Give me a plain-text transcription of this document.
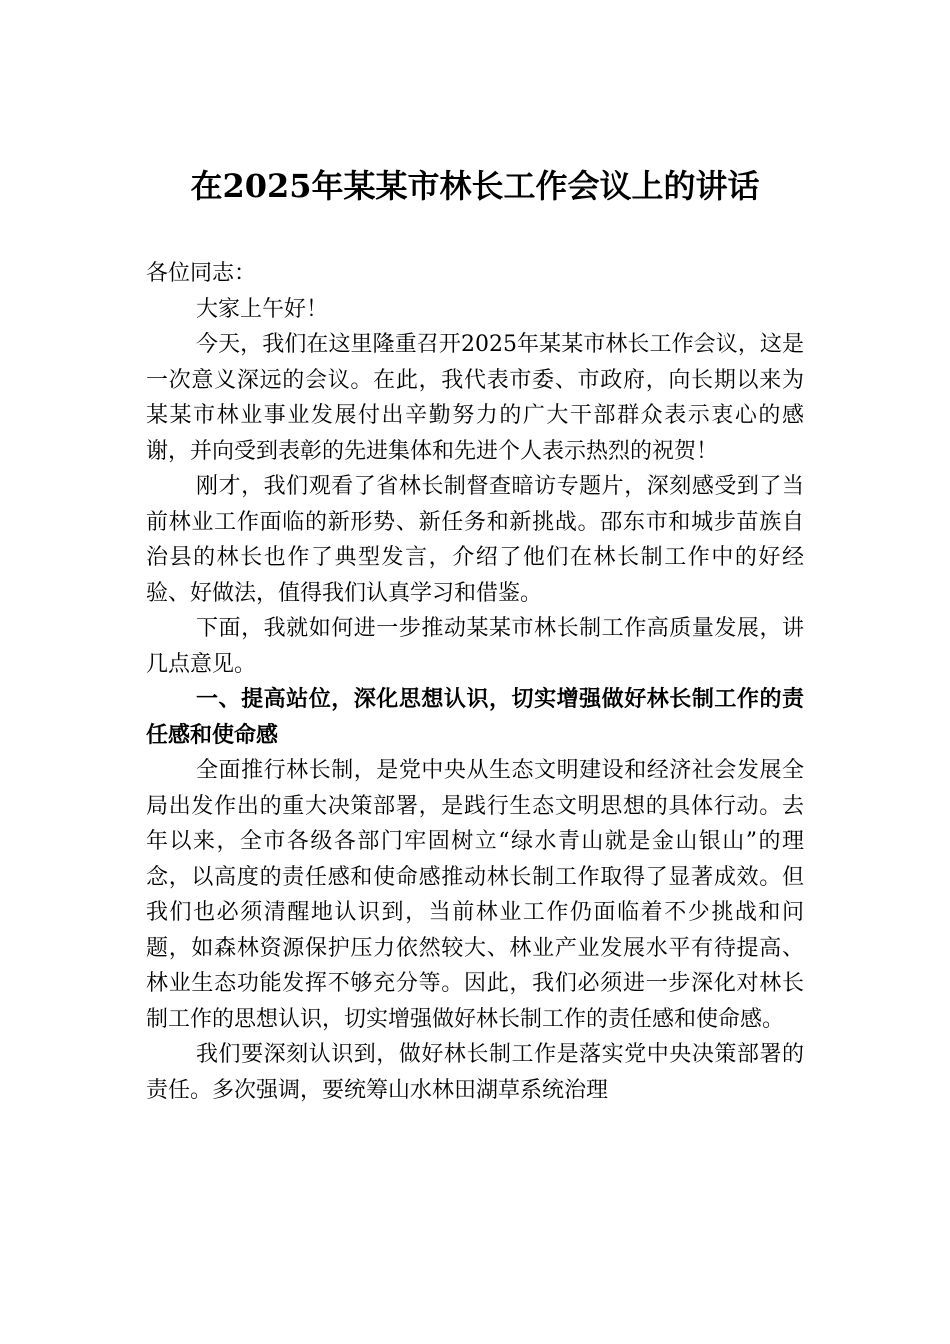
在2025年某某市林长工作会议上的讲话

各位同志：

大家上午好！

今天，我们在这里隆重召开2025年某某市林长工作会议，这是一次意义深远的会议。在此，我代表市委、市政府，向长期以来为某某市林业事业发展付出辛勤努力的广大干部群众表示衷心的感谢，并向受到表彰的先进集体和先进个人表示热烈的祝贺！

刚才，我们观看了省林长制督查暗访专题片，深刻感受到了当前林业工作面临的新形势、新任务和新挑战。邵东市和城步苗族自治县的林长也作了典型发言，介绍了他们在林长制工作中的好经验、好做法，值得我们认真学习和借鉴。

下面，我就如何进一步推动某某市林长制工作高质量发展，讲几点意见。

一、提高站位，深化思想认识，切实增强做好林长制工作的责任感和使命感

全面推行林长制，是党中央从生态文明建设和经济社会发展全局出发作出的重大决策部署，是践行生态文明思想的具体行动。去年以来，全市各级各部门牢固树立“绿水青山就是金山银山”的理念，以高度的责任感和使命感推动林长制工作取得了显著成效。但我们也必须清醒地认识到，当前林业工作仍面临着不少挑战和问题，如森林资源保护压力依然较大、林业产业发展水平有待提高、林业生态功能发挥不够充分等。因此，我们必须进一步深化对林长制工作的思想认识，切实增强做好林长制工作的责任感和使命感。

我们要深刻认识到，做好林长制工作是落实党中央决策部署的责任。多次强调，要统筹山水林田湖草系统治理
